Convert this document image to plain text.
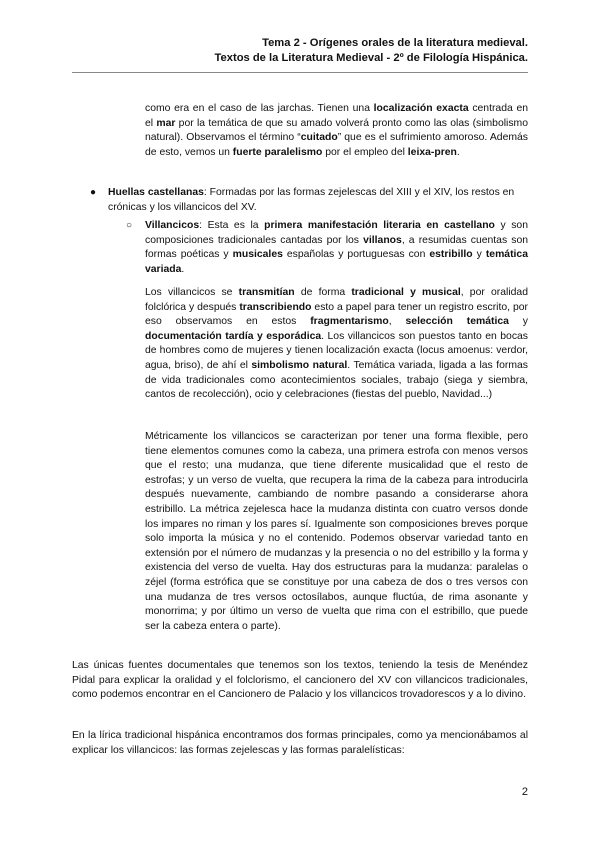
Tema 2 - Orígenes orales de la literatura medieval.
Textos de la Literatura Medieval - 2º de Filología Hispánica.

como era en el caso de las jarchas. Tienen una localización exacta centrada en el mar por la temática de que su amado volverá pronto como las olas (simbolismo natural). Observamos el término “cuitado” que es el sufrimiento amoroso. Además de esto, vemos un fuerte paralelismo por el empleo del leixa-pren.

● Huellas castellanas: Formadas por las formas zejelescas del XIII y el XIV, los restos en crónicas y los villancicos del XV.
○ Villancicos: Esta es la primera manifestación literaria en castellano y son composiciones tradicionales cantadas por los villanos, a resumidas cuentas son formas poéticas y musicales españolas y portuguesas con estribillo y temática variada.

Los villancicos se transmitían de forma tradicional y musical, por oralidad folclórica y después transcribiendo esto a papel para tener un registro escrito, por eso observamos en estos fragmentarismo, selección temática y documentación tardía y esporádica. Los villancicos son puestos tanto en bocas de hombres como de mujeres y tienen localización exacta (locus amoenus: verdor, agua, briso), de ahí el simbolismo natural. Temática variada, ligada a las formas de vida tradicionales como acontecimientos sociales, trabajo (siega y siembra, cantos de recolección), ocio y celebraciones (fiestas del pueblo, Navidad...)

Métricamente los villancicos se caracterizan por tener una forma flexible, pero tiene elementos comunes como la cabeza, una primera estrofa con menos versos que el resto; una mudanza, que tiene diferente musicalidad que el resto de estrofas; y un verso de vuelta, que recupera la rima de la cabeza para introducirla después nuevamente, cambiando de nombre pasando a considerarse ahora estribillo. La métrica zejelesca hace la mudanza distinta con cuatro versos donde los impares no riman y los pares sí. Igualmente son composiciones breves porque solo importa la música y no el contenido. Podemos observar variedad tanto en extensión por el número de mudanzas y la presencia o no del estribillo y la forma y existencia del verso de vuelta. Hay dos estructuras para la mudanza: paralelas o zéjel (forma estrófica que se constituye por una cabeza de dos o tres versos con una mudanza de tres versos octosílabos, aunque fluctúa, de rima asonante y monorrima; y por último un verso de vuelta que rima con el estribillo, que puede ser la cabeza entera o parte).

Las únicas fuentes documentales que tenemos son los textos, teniendo la tesis de Menéndez Pidal para explicar la oralidad y el folclorismo, el cancionero del XV con villancicos tradicionales, como podemos encontrar en el Cancionero de Palacio y los villancicos trovadorescos y a lo divino.

En la lírica tradicional hispánica encontramos dos formas principales, como ya mencionábamos al explicar los villancicos: las formas zejelescas y las formas paralelísticas:

2
